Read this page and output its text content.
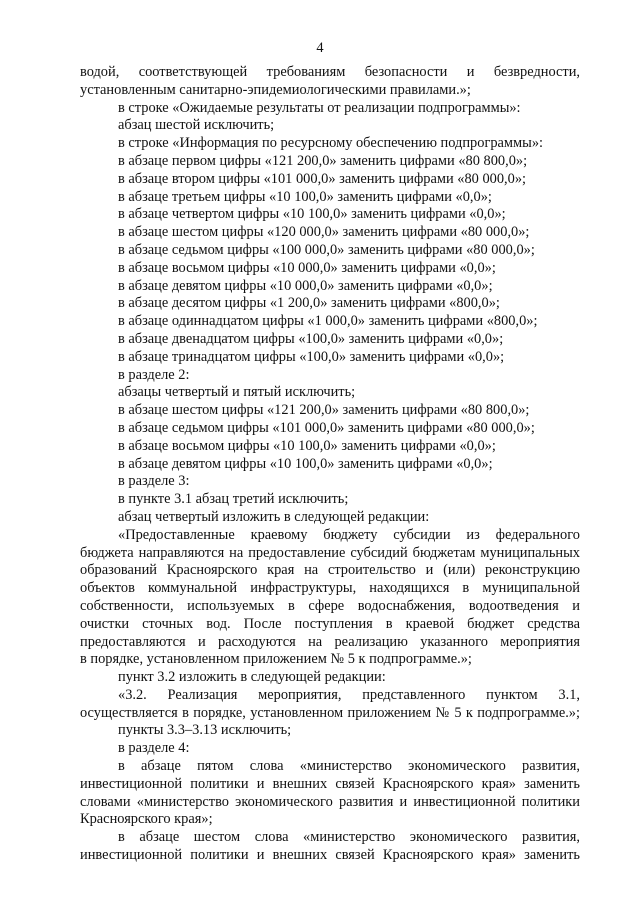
4
водой, соответствующей требованиям безопасности и безвредности,
установленным санитарно-эпидемиологическими правилами.»;
в строке «Ожидаемые результаты от реализации подпрограммы»:
абзац шестой исключить;
в строке «Информация по ресурсному обеспечению подпрограммы»:
в абзаце первом цифры «121 200,0» заменить цифрами «80 800,0»;
в абзаце втором цифры «101 000,0» заменить цифрами «80 000,0»;
в абзаце третьем цифры «10 100,0» заменить цифрами «0,0»;
в абзаце четвертом цифры «10 100,0» заменить цифрами «0,0»;
в абзаце шестом цифры «120 000,0» заменить цифрами «80 000,0»;
в абзаце седьмом цифры «100 000,0» заменить цифрами «80 000,0»;
в абзаце восьмом цифры «10 000,0» заменить цифрами «0,0»;
в абзаце девятом цифры «10 000,0» заменить цифрами «0,0»;
в абзаце десятом цифры «1 200,0» заменить цифрами «800,0»;
в абзаце одиннадцатом цифры «1 000,0» заменить цифрами «800,0»;
в абзаце двенадцатом цифры «100,0» заменить цифрами «0,0»;
в абзаце тринадцатом цифры «100,0» заменить цифрами «0,0»;
в разделе 2:
абзацы четвертый и пятый исключить;
в абзаце шестом цифры «121 200,0» заменить цифрами «80 800,0»;
в абзаце седьмом цифры «101 000,0» заменить цифрами «80 000,0»;
в абзаце восьмом цифры «10 100,0» заменить цифрами «0,0»;
в абзаце девятом цифры «10 100,0» заменить цифрами «0,0»;
в разделе 3:
в пункте 3.1 абзац третий исключить;
абзац четвертый изложить в следующей редакции:
«Предоставленные краевому бюджету субсидии из федерального
бюджета направляются на предоставление субсидий бюджетам муниципальных
образований Красноярского края на строительство и (или) реконструкцию
объектов коммунальной инфраструктуры, находящихся в муниципальной
собственности, используемых в сфере водоснабжения, водоотведения и
очистки сточных вод. После поступления в краевой бюджет средства
предоставляются и расходуются на реализацию указанного мероприятия
в порядке, установленном приложением № 5 к подпрограмме.»;
пункт 3.2 изложить в следующей редакции:
«3.2. Реализация мероприятия, представленного пунктом 3.1,
осуществляется в порядке, установленном приложением № 5 к подпрограмме.»;
пункты 3.3–3.13 исключить;
в разделе 4:
в абзаце пятом слова «министерство экономического развития,
инвестиционной политики и внешних связей Красноярского края» заменить
словами «министерство экономического развития и инвестиционной политики
Красноярского края»;
в абзаце шестом слова «министерство экономического развития,
инвестиционной политики и внешних связей Красноярского края» заменить
